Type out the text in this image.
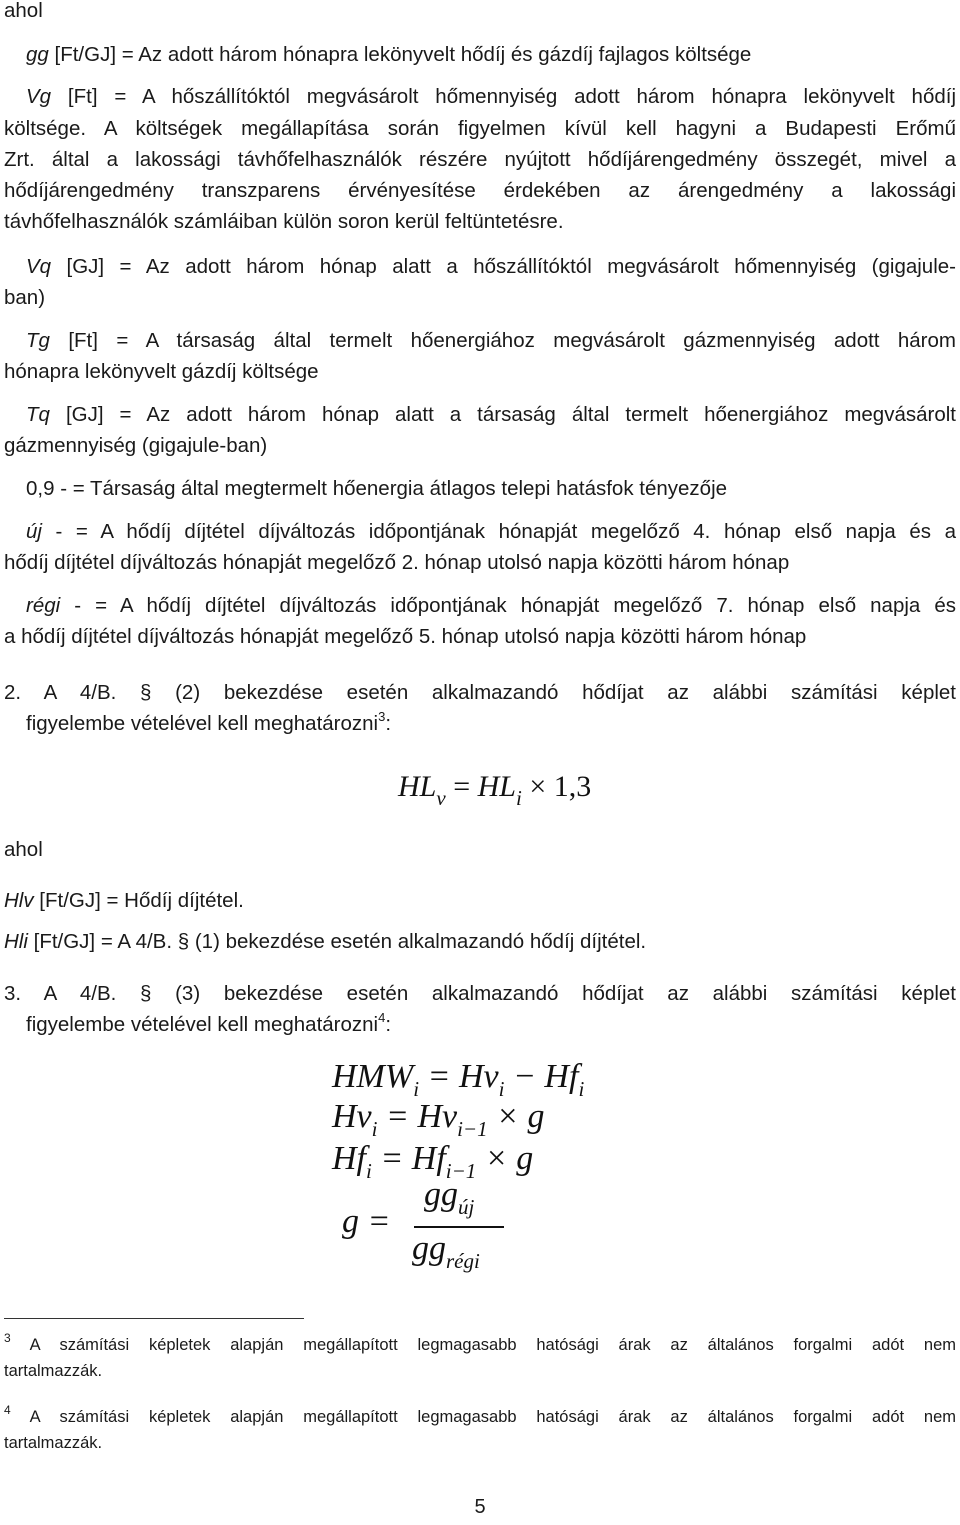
ahol
gg [Ft/GJ] = Az adott három hónapra lekönyvelt hődíj és gázdíj fajlagos költsége
Vg [Ft] = A hőszállítóktól megvásárolt hőmennyiség adott három hónapra lekönyvelt hődíj
költsége. A költségek megállapítása során figyelmen kívül kell hagyni a Budapesti Erőmű
Zrt. által a lakossági távhőfelhasználók részére nyújtott hődíjárengedmény összegét, mivel a
hődíjárengedmény transzparens érvényesítése érdekében az árengedmény a lakossági
távhőfelhasználók számláiban külön soron kerül feltüntetésre.
Vq [GJ] = Az adott három hónap alatt a hőszállítóktól megvásárolt hőmennyiség (gigajule-
ban)
Tg [Ft] = A társaság által termelt hőenergiához megvásárolt gázmennyiség adott három
hónapra lekönyvelt gázdíj költsége
Tq [GJ] = Az adott három hónap alatt a társaság által termelt hőenergiához megvásárolt
gázmennyiség (gigajule-ban)
0,9 - = Társaság által megtermelt hőenergia átlagos telepi hatásfok tényezője
új - = A hődíj díjtétel díjváltozás időpontjának hónapját megelőző 4. hónap első napja és a
hődíj díjtétel díjváltozás hónapját megelőző 2. hónap utolsó napja közötti három hónap
régi - = A hődíj díjtétel díjváltozás időpontjának hónapját megelőző 7. hónap első napja és
a hődíj díjtétel díjváltozás hónapját megelőző 5. hónap utolsó napja közötti három hónap
2. A 4/B. § (2) bekezdése esetén alkalmazandó hődíjat az alábbi számítási képlet
figyelembe vételével kell meghatározni$^3$:
$HL_v = HL_i \times 1,3$
ahol
Hlv [Ft/GJ] = Hődíj díjtétel.
Hli [Ft/GJ] = A 4/B. § (1) bekezdése esetén alkalmazandó hődíj díjtétel.
3. A 4/B. § (3) bekezdése esetén alkalmazandó hődíjat az alábbi számítási képlet
figyelembe vételével kell meghatározni$^4$:
$HMW_i = Hv_i - Hf_i$
$Hv_i = Hv_{i-1} \times g$
$Hf_i = Hf_{i-1} \times g$
g =
$gg_{új}$
$gg_{régi}$
$^3$ A számítási képletek alapján megállapított legmagasabb hatósági árak az általános forgalmi adót nem
tartalmazzák.
$^4$ A számítási képletek alapján megállapított legmagasabb hatósági árak az általános forgalmi adót nem
tartalmazzák.
5
